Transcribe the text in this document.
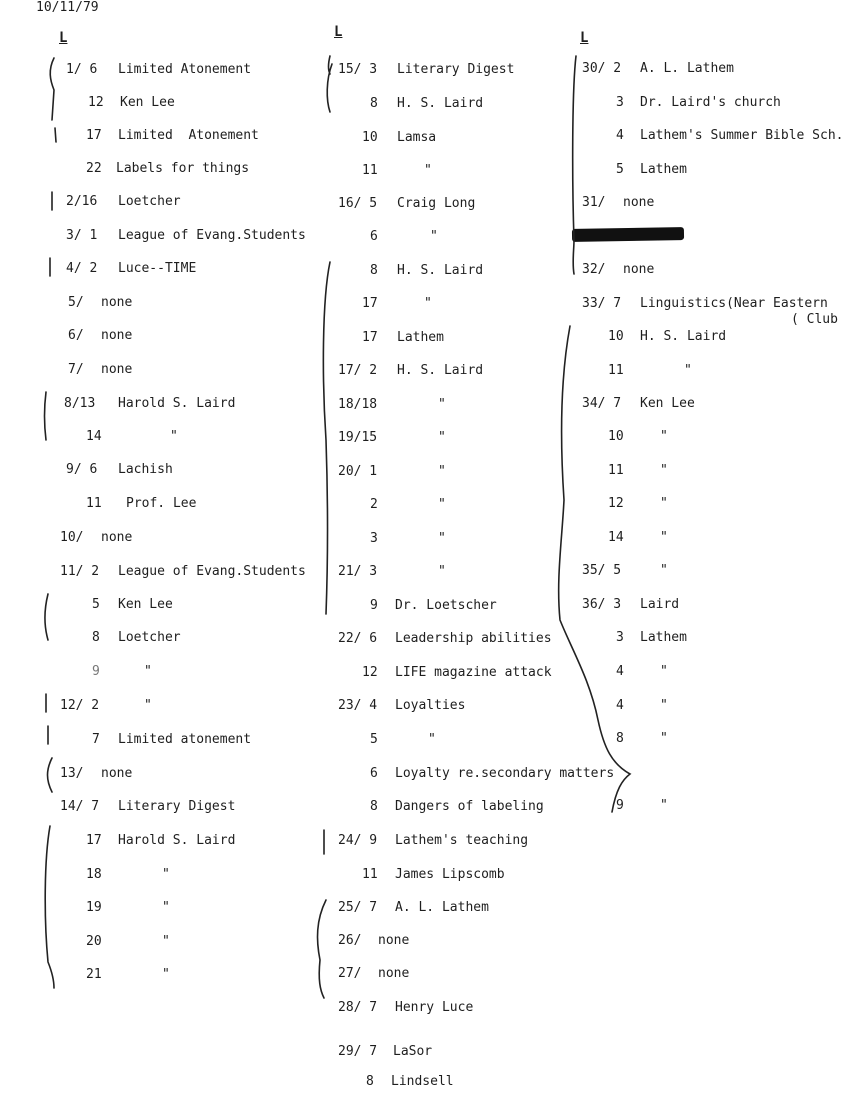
10/11/79
L	L	L
1/ 6 Limited Atonement
12 Ken Lee
17 Limited  Atonement
22 Labels for things
2/16 Loetcher
3/ 1 League of Evang.Students
4/ 2 Luce--TIME
5/ none
6/ none
7/ none
8/13 Harold S. Laird
14	"
9/ 6 Lachish
11 Prof. Lee
10/ none
11/ 2 League of Evang.Students
5 Ken Lee
8 Loetcher
9	"
12/ 2	"
7 Limited atonement
13/ none
14/ 7 Literary Digest
17 Harold S. Laird
18	"
19	"
20	"
21	"
15/ 3 Literary Digest
8 H. S. Laird
10 Lamsa
11	"
16/ 5 Craig Long
6	"
8 H. S. Laird
17	"
17 Lathem
17/ 2 H. S. Laird
18/18	"
19/15	"
20/ 1	"
2	"
3	"
21/ 3	"
9 Dr. Loetscher
22/ 6 Leadership abilities
12 LIFE magazine attack
23/ 4 Loyalties
5	"
6 Loyalty re.secondary matters
8 Dangers of labeling
24/ 9 Lathem's teaching
11 James Lipscomb
25/ 7 A. L. Lathem
26/ none
27/ none
28/ 7 Henry Luce
29/ 7 LaSor
8 Lindsell
30/ 2 A. L. Lathem
3 Dr. Laird's church
4 Lathem's Summer Bible Sch.
5 Lathem
31/ none
32/ none
33/ 7 Linguistics(Near Eastern
( Club
10 H. S. Laird
11	"
34/ 7 Ken Lee
10	"
11	"
12	"
14	"
35/ 5	"
36/ 3 Laird
3 Lathem
4	"
4	"
8	"
9	"
